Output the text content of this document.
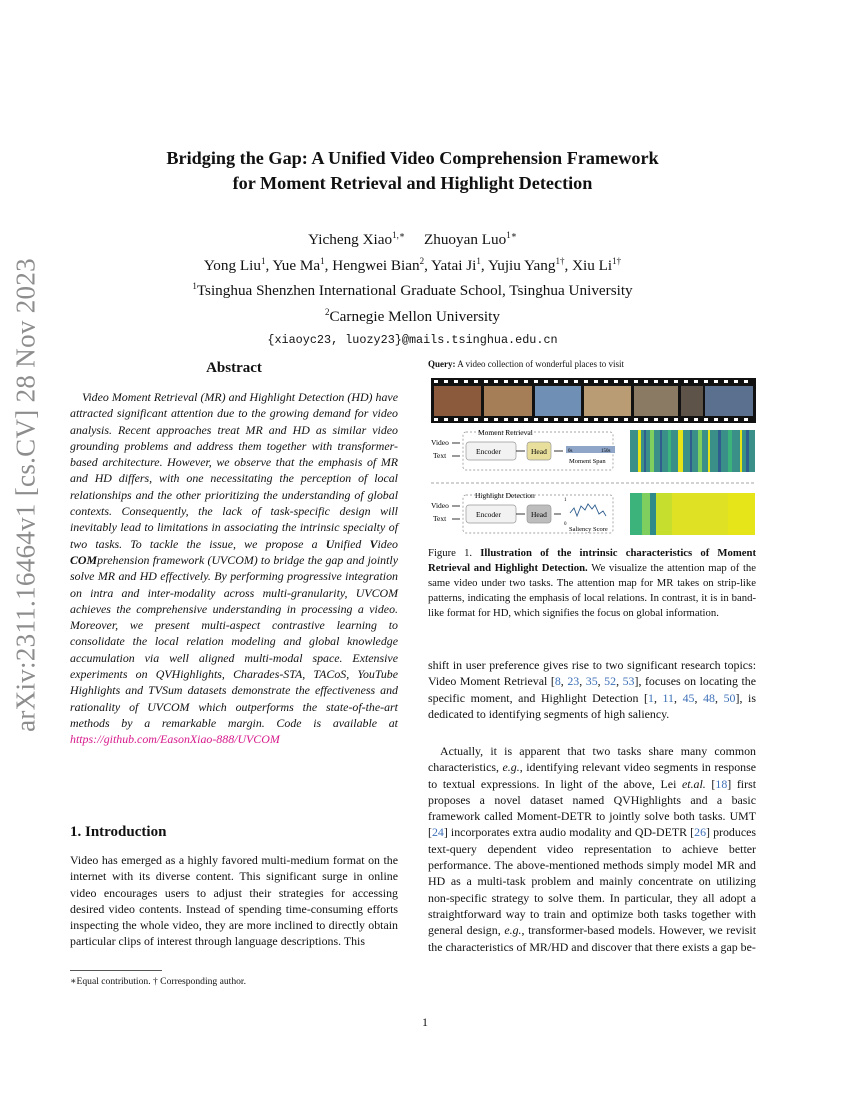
arXiv:2311.16464v1 [cs.CV] 28 Nov 2023
Bridging the Gap: A Unified Video Comprehension Framework
for Moment Retrieval and Highlight Detection
Yicheng Xiao$^{1,∗}$ Zhuoyan Luo$^{1∗}$
Yong Liu$^1$, Yue Ma$^1$, Hengwei Bian$^2$, Yatai Ji$^1$, Yujiu Yang$^{1\dagger}$, Xiu $Li^{1\dagger}$
$^1$Tsinghua Shenzhen International Graduate School, Tsinghua University
$^2$Carnegie Mellon University
{xiaoyc23, luozy23}@mails.tsinghua.edu.cn
Abstract
Video Moment Retrieval (MR) and Highlight Detection (HD) have attracted significant attention due to the growing demand for video analysis. Recent approaches treat MR and HD as similar video grounding problems and address them together with transformer-based architecture. However, we observe that the emphasis of MR and HD differs, with one necessitating the perception of local relationships and the other prioritizing the understanding of global contexts. Consequently, the lack of task-specific design will inevitably lead to limitations in associating the intrinsic specialty of two tasks. To tackle the issue, we propose a Unified Video COMprehension framework (UVCOM) to bridge the gap and jointly solve MR and HD effectively. By performing progressive integration on intra and inter-modality across multi-granularity, UVCOM achieves the comprehensive understanding in processing a video. Moreover, we present multi-aspect contrastive learning to consolidate the local relation modeling and global knowledge accumulation via well aligned multi-modal space. Extensive experiments on QVHighlights, Charades-STA, TACoS, YouTube Highlights and TVSum datasets demonstrate the effectiveness and rationality of UVCOM which outperforms the state-of-the-art methods by a remarkable margin. Code is available at https://github.com/EasonXiao-888/UVCOM
1. Introduction
Video has emerged as a highly favored multi-medium format on the internet with its diverse content. This significant surge in online video encourages users to adjust their strategies for accessing desired video contents. Instead of spending time-consuming efforts inspecting the whole video, they are more inclined to directly obtain particular clips of interest through language descriptions. This
∗Equal contribution. † Corresponding author.
1
Query: A video collection of wonderful places to visit
Video
Text
Moment Retrieval
Encoder	Head	0s	150s
Moment Span
Video
Text
Highlight Detection
Encoder	Head
1
0
Saliency Score
Figure 1. Illustration of the intrinsic characteristics of Moment Retrieval and Highlight Detection. We visualize the attention map of the same video under two tasks. The attention map for MR takes on strip-like patterns, indicating the emphasis of local relations. In contrast, it is in band-like format for HD, which signifies the focus on global information.
shift in user preference gives rise to two significant research topics: Video Moment Retrieval [8, 23, 35, 52, 53], focuses on locating the specific moment, and Highlight Detection [1, 11, 45, 48, 50], is dedicated to identifying segments of high saliency.
Actually, it is apparent that two tasks share many common characteristics, e.g., identifying relevant video segments in response to textual expressions. In light of the above, Lei et.al. [18] first proposes a novel dataset named QVHighlights and a basic framework called Moment-DETR to jointly solve both tasks. UMT [24] incorporates extra audio modality and QD-DETR [26] produces text-query dependent video representation to achieve better performance. The above-mentioned methods simply model MR and HD as a multi-task problem and mainly concentrate on utilizing non-specific strategy to solve them. In particular, they all adopt a straightforward way to train and optimize both tasks together with general design, e.g., transformer-based models. However, we revisit the characteristics of MR/HD and discover that there exists a gap be-
